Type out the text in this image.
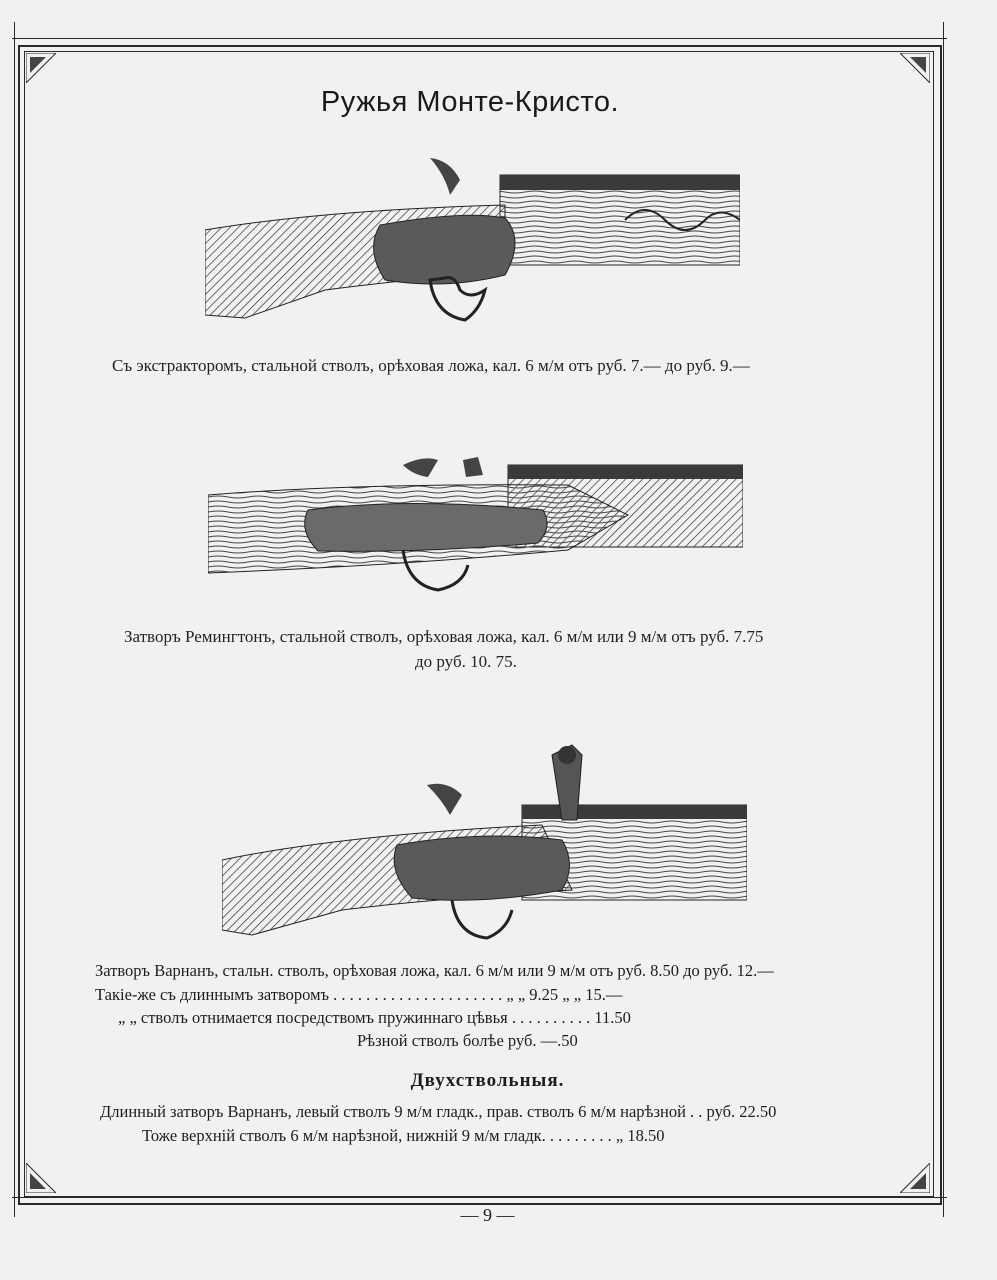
Ружья Монте-Кристо.
Съ экстракторомъ, стальной стволъ, орѣховая ложа, кал. 6 м/м отъ руб. 7.— до руб. 9.—
Затворъ Ремингтонъ, стальной стволъ, орѣховая ложа, кал. 6 м/м или 9 м/м отъ руб. 7.75
до руб. 10. 75.
Затворъ Варнанъ, стальн. стволъ, орѣховая ложа, кал. 6 м/м или 9 м/м отъ руб. 8.50 до руб. 12.—
Такiе-же съ длиннымъ затворомъ . . . . . . . . . . . . . . . . . . . . . „ „ 9.25 „ „ 15.—
„ „ стволъ отнимается посредствомъ пружиннаго цѣвья . . . . . . . . . . 11.50
Рѣзной стволъ болѣе руб. —.50
Двухствольныя.
Длинный затворъ Варнанъ, левый стволъ 9 м/м гладк., прав. стволъ 6 м/м нарѣзной . . руб. 22.50
Тоже верхнiй стволъ 6 м/м нарѣзной, нижнiй 9 м/м гладк. . . . . . . . . „ 18.50
— 9 —
